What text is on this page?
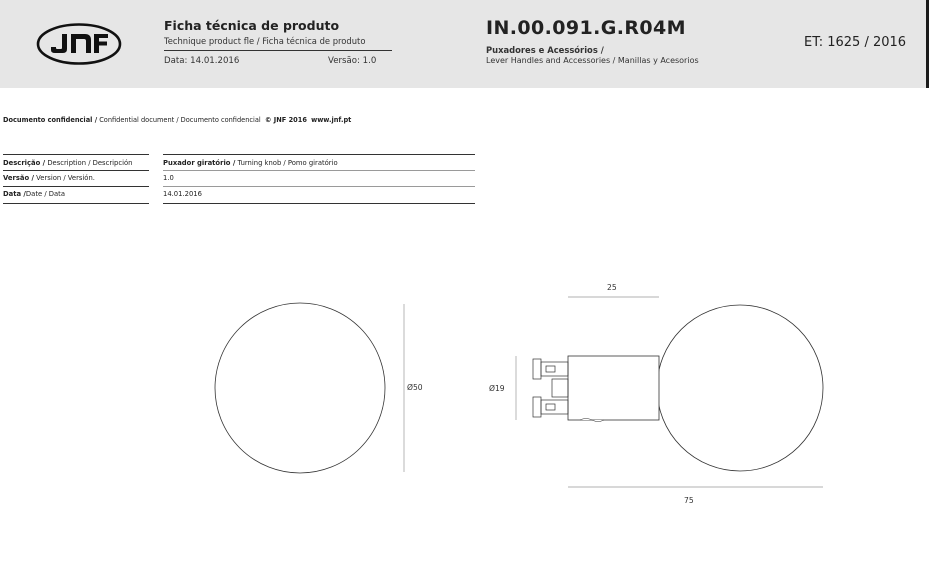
Ficha técnica de produto
Technique product fle / Ficha técnica de produto
Data: 14.01.2016	Versão: 1.0
IN.00.091.G.R04M
Puxadores e Acessórios /
Lever Handles and Accessories / Manillas y Acesorios
ET: 1625 / 2016
Documento confidencial / Confidential document / Documento confidencial © JNF 2016 www.jnf.pt
Descrição / Description / Descripción	Puxador giratório / Turning knob / Pomo giratório
Versão / Version / Versión.	1.0
Data /Date / Data	14.01.2016
Ø50	Ø19
25
75
